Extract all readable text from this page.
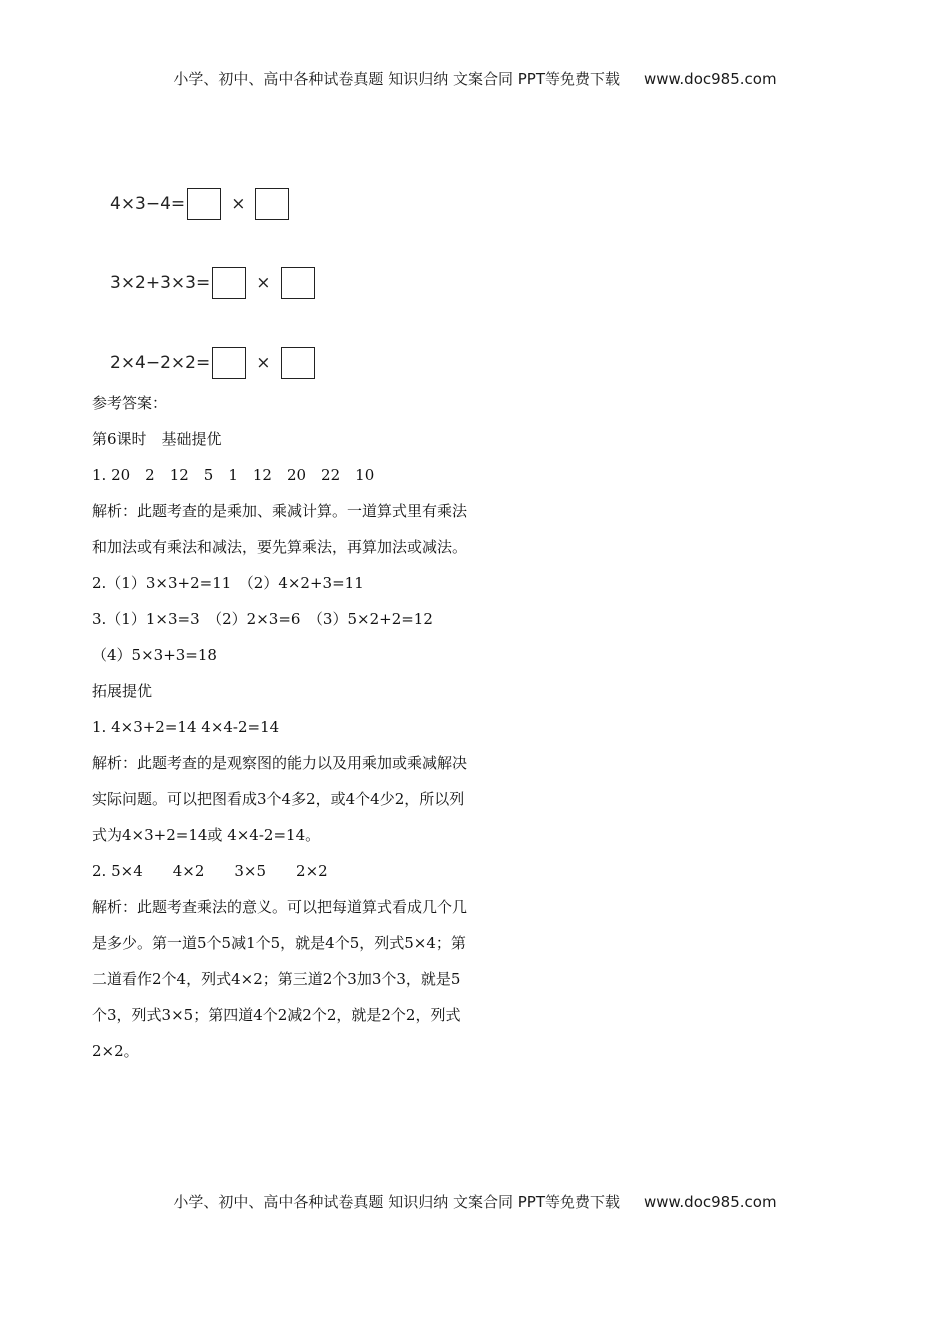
小学、初中、高中各种试卷真题 知识归纳 文案合同 PPT等免费下载 www.doc985.com
4×3−4=	×
3×2+3×3=	×
2×4−2×2=	×
参考答案：
第6课时　基础提优
1. 20　2　12　5　1　12　20　22　10
解析：此题考查的是乘加、乘减计算。一道算式里有乘法和加法或有乘法和减法，要先算乘法，再算加法或减法。
2.（1）3×3+2=11　（2）4×2+3=11
3.（1）1×3=3　（2）2×3=6　（3）5×2+2=12
（4）5×3+3=18
拓展提优
1. 4×3+2=14 4×4-2=14
解析：此题考查的是观察图的能力以及用乘加或乘减解决实际问题。可以把图看成3个4多2，或4个4少2，所以列式为4×3+2=14或 4×4-2=14。
2. 5×4　　4×2　　3×5　　2×2
解析：此题考查乘法的意义。可以把每道算式看成几个几是多少。第一道5个5减1个5，就是4个5，列式5×4；第二道看作2个4，列式4×2；第三道2个3加3个3，就是5个3，列式3×5；第四道4个2减2个2，就是2个2，列式2×2。
小学、初中、高中各种试卷真题 知识归纳 文案合同 PPT等免费下载 www.doc985.com
